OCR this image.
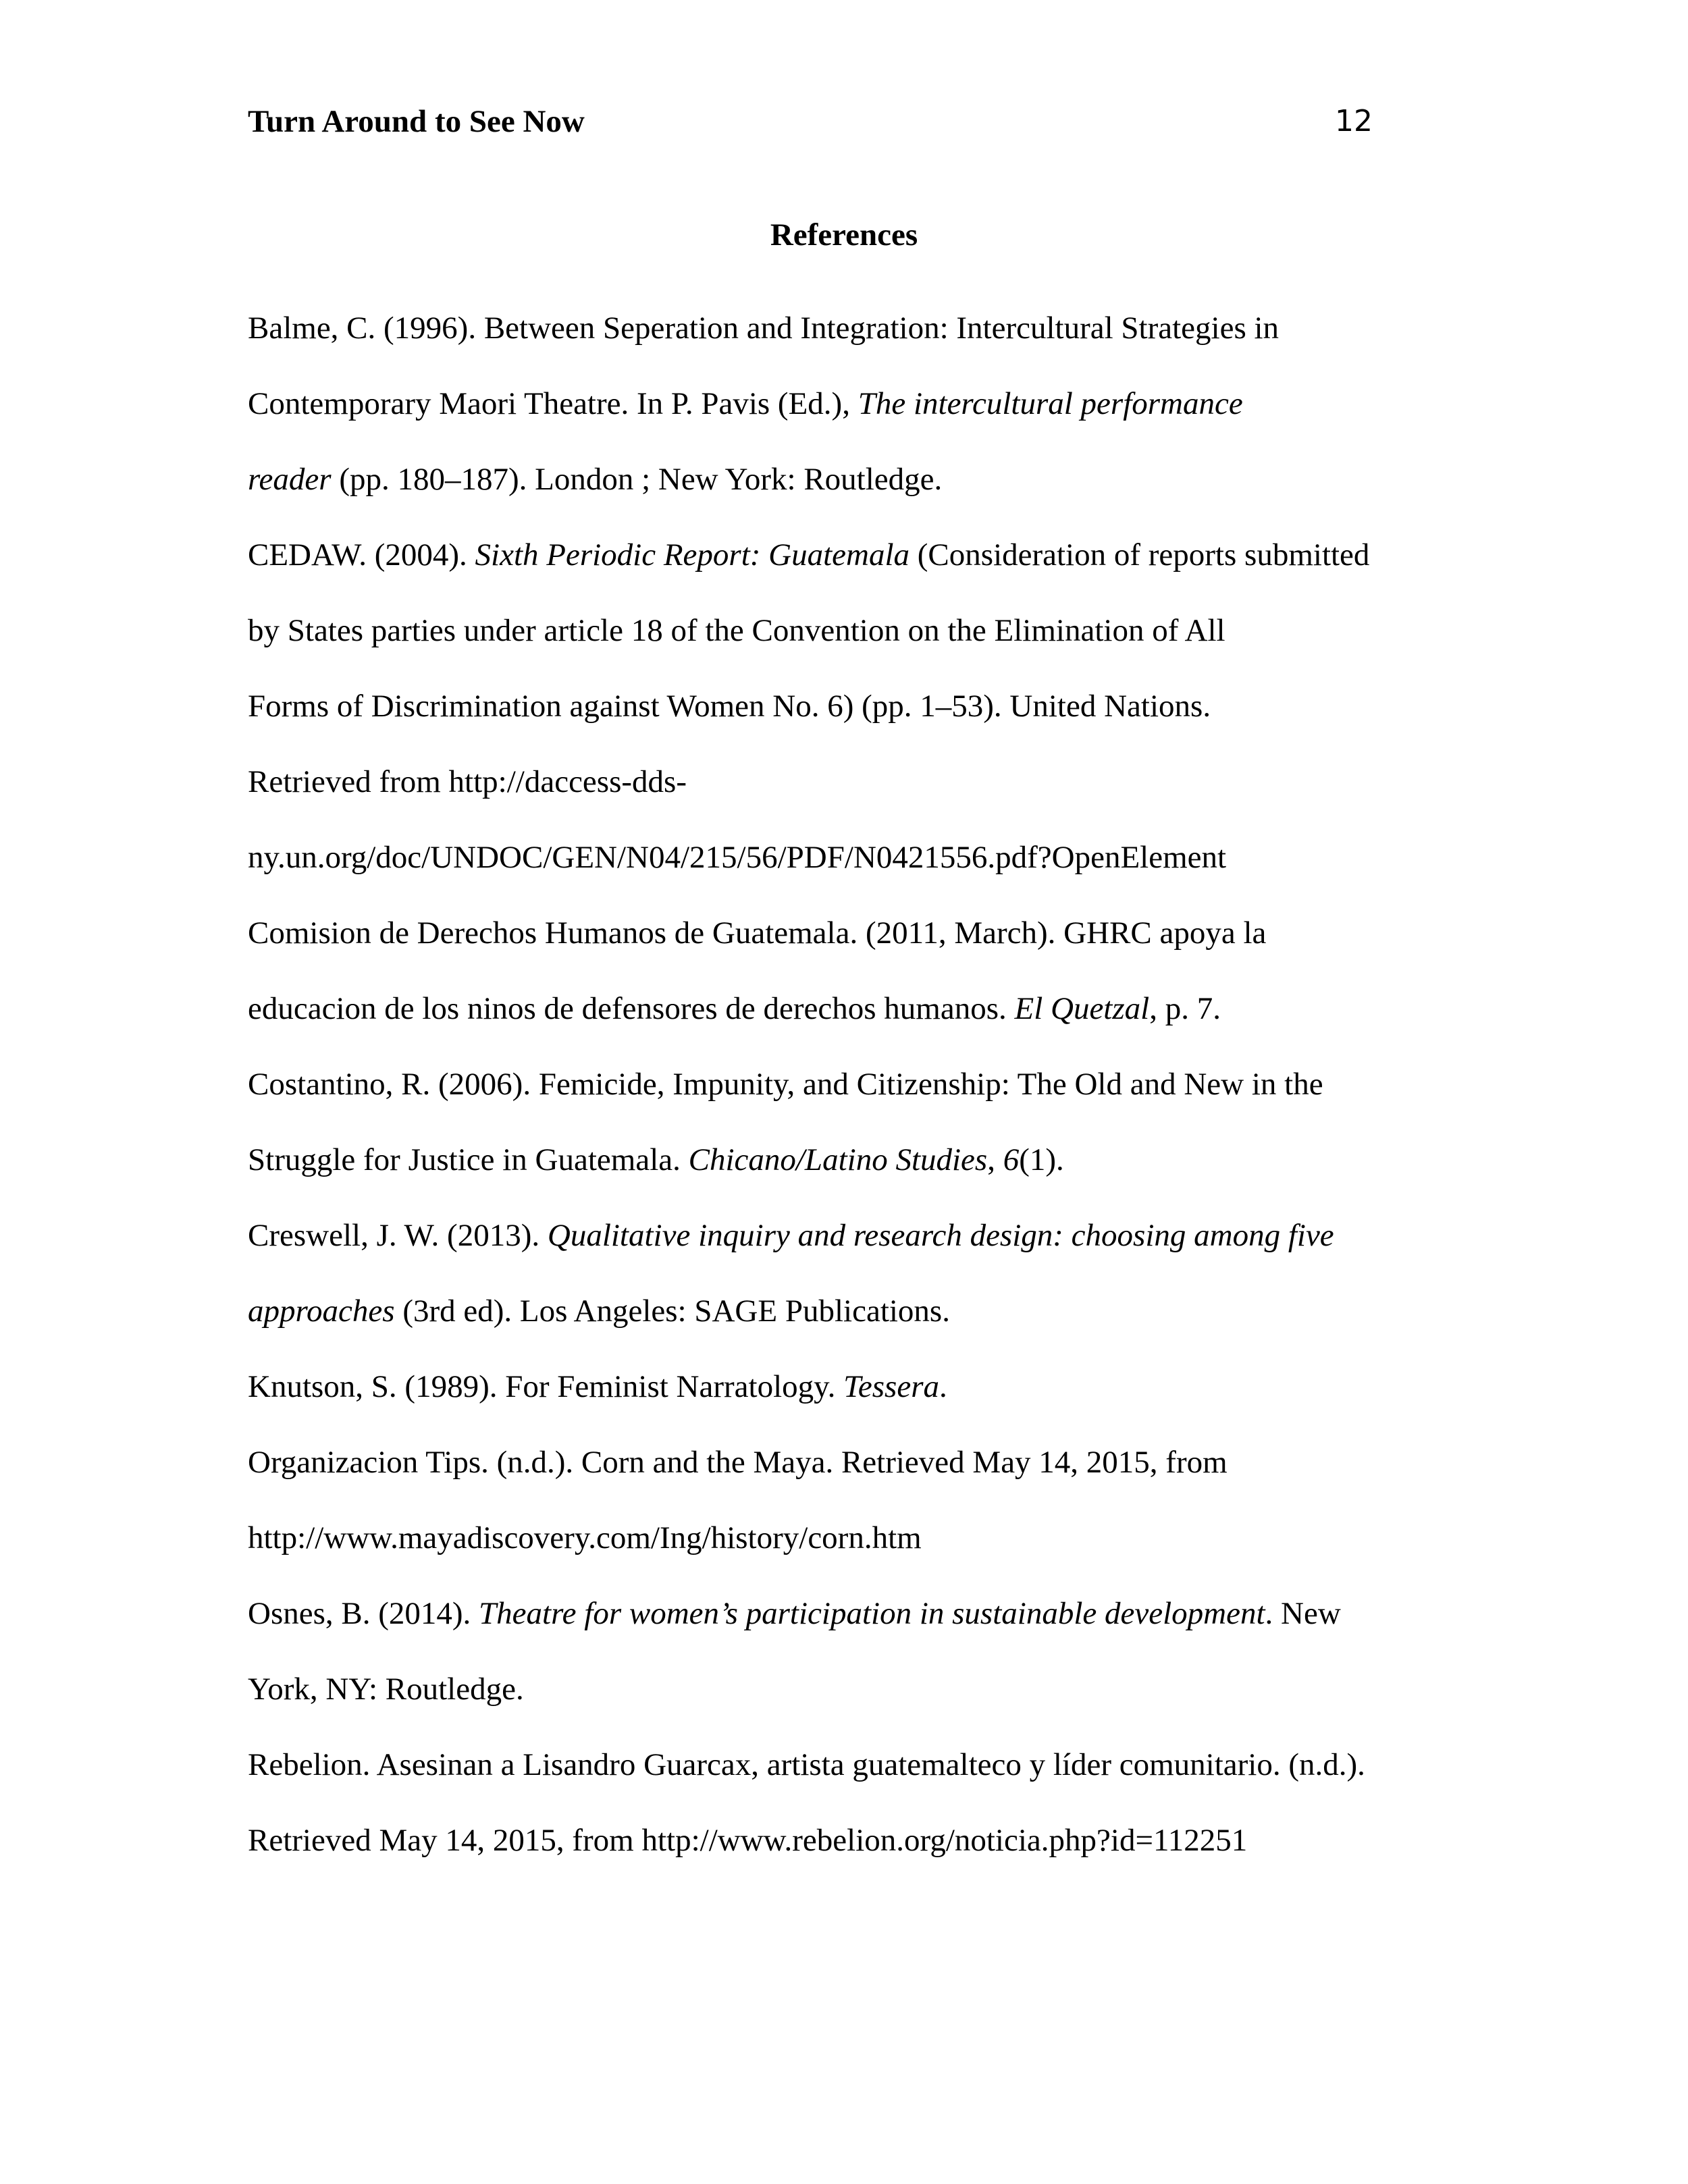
Turn Around to See Now	12
References

Balme, C. (1996). Between Seperation and Integration: Intercultural Strategies in
Contemporary Maori Theatre. In P. Pavis (Ed.), The intercultural performance
reader (pp. 180–187). London ; New York: Routledge.

CEDAW. (2004). Sixth Periodic Report: Guatemala (Consideration of reports submitted
by States parties under article 18 of the Convention on the Elimination of All
Forms of Discrimination against Women No. 6) (pp. 1–53). United Nations.
Retrieved from http://daccess-dds-
ny.un.org/doc/UNDOC/GEN/N04/215/56/PDF/N0421556.pdf?OpenElement

Comision de Derechos Humanos de Guatemala. (2011, March). GHRC apoya la
educacion de los ninos de defensores de derechos humanos. El Quetzal, p. 7.

Costantino, R. (2006). Femicide, Impunity, and Citizenship: The Old and New in the
Struggle for Justice in Guatemala. Chicano/Latino Studies, 6(1).

Creswell, J. W. (2013). Qualitative inquiry and research design: choosing among five
approaches (3rd ed). Los Angeles: SAGE Publications.

Knutson, S. (1989). For Feminist Narratology. Tessera.

Organizacion Tips. (n.d.). Corn and the Maya. Retrieved May 14, 2015, from
http://www.mayadiscovery.com/Ing/history/corn.htm

Osnes, B. (2014). Theatre for women’s participation in sustainable development. New
York, NY: Routledge.

Rebelion. Asesinan a Lisandro Guarcax, artista guatemalteco y líder comunitario. (n.d.).
Retrieved May 14, 2015, from http://www.rebelion.org/noticia.php?id=112251
